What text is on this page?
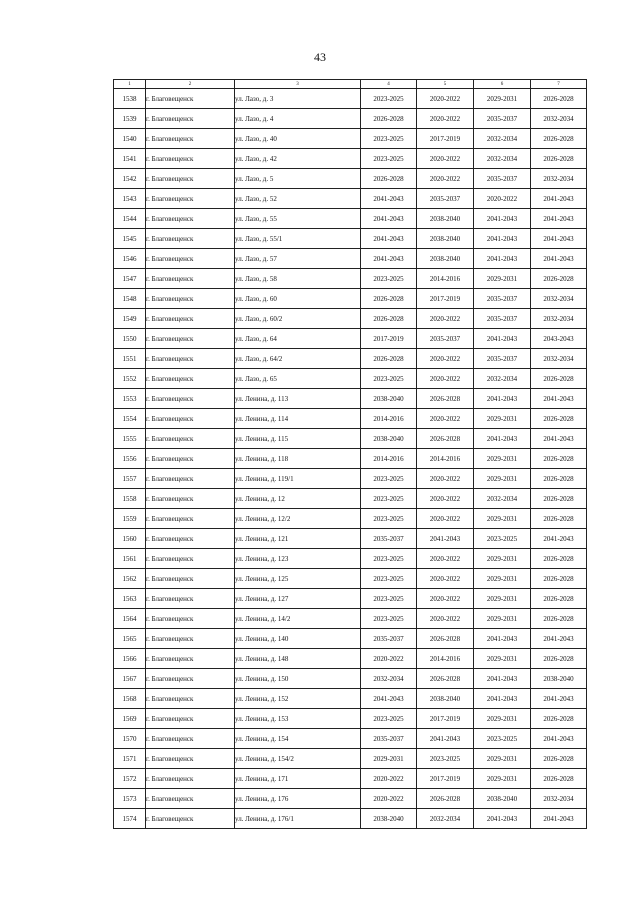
43
1	2	3	4	5	6	7
1538	г. Благовещенск	ул. Лазо, д. 3	2023-2025	2020-2022	2029-2031	2026-2028
1539	г. Благовещенск	ул. Лазо, д. 4	2026-2028	2020-2022	2035-2037	2032-2034
1540	г. Благовещенск	ул. Лазо, д. 40	2023-2025	2017-2019	2032-2034	2026-2028
1541	г. Благовещенск	ул. Лазо, д. 42	2023-2025	2020-2022	2032-2034	2026-2028
1542	г. Благовещенск	ул. Лазо, д. 5	2026-2028	2020-2022	2035-2037	2032-2034
1543	г. Благовещенск	ул. Лазо, д. 52	2041-2043	2035-2037	2020-2022	2041-2043
1544	г. Благовещенск	ул. Лазо, д. 55	2041-2043	2038-2040	2041-2043	2041-2043
1545	г. Благовещенск	ул. Лазо, д. 55/1	2041-2043	2038-2040	2041-2043	2041-2043
1546	г. Благовещенск	ул. Лазо, д. 57	2041-2043	2038-2040	2041-2043	2041-2043
1547	г. Благовещенск	ул. Лазо, д. 58	2023-2025	2014-2016	2029-2031	2026-2028
1548	г. Благовещенск	ул. Лазо, д. 60	2026-2028	2017-2019	2035-2037	2032-2034
1549	г. Благовещенск	ул. Лазо, д. 60/2	2026-2028	2020-2022	2035-2037	2032-2034
1550	г. Благовещенск	ул. Лазо, д. 64	2017-2019	2035-2037	2041-2043	2043-2043
1551	г. Благовещенск	ул. Лазо, д. 64/2	2026-2028	2020-2022	2035-2037	2032-2034
1552	г. Благовещенск	ул. Лазо, д. 65	2023-2025	2020-2022	2032-2034	2026-2028
1553	г. Благовещенск	ул. Ленина, д. 113	2038-2040	2026-2028	2041-2043	2041-2043
1554	г. Благовещенск	ул. Ленина, д. 114	2014-2016	2020-2022	2029-2031	2026-2028
1555	г. Благовещенск	ул. Ленина, д. 115	2038-2040	2026-2028	2041-2043	2041-2043
1556	г. Благовещенск	ул. Ленина, д. 118	2014-2016	2014-2016	2029-2031	2026-2028
1557	г. Благовещенск	ул. Ленина, д. 119/1	2023-2025	2020-2022	2029-2031	2026-2028
1558	г. Благовещенск	ул. Ленина, д. 12	2023-2025	2020-2022	2032-2034	2026-2028
1559	г. Благовещенск	ул. Ленина, д. 12/2	2023-2025	2020-2022	2029-2031	2026-2028
1560	г. Благовещенск	ул. Ленина, д. 121	2035-2037	2041-2043	2023-2025	2041-2043
1561	г. Благовещенск	ул. Ленина, д. 123	2023-2025	2020-2022	2029-2031	2026-2028
1562	г. Благовещенск	ул. Ленина, д. 125	2023-2025	2020-2022	2029-2031	2026-2028
1563	г. Благовещенск	ул. Ленина, д. 127	2023-2025	2020-2022	2029-2031	2026-2028
1564	г. Благовещенск	ул. Ленина, д. 14/2	2023-2025	2020-2022	2029-2031	2026-2028
1565	г. Благовещенск	ул. Ленина, д. 140	2035-2037	2026-2028	2041-2043	2041-2043
1566	г. Благовещенск	ул. Ленина, д. 148	2020-2022	2014-2016	2029-2031	2026-2028
1567	г. Благовещенск	ул. Ленина, д. 150	2032-2034	2026-2028	2041-2043	2038-2040
1568	г. Благовещенск	ул. Ленина, д. 152	2041-2043	2038-2040	2041-2043	2041-2043
1569	г. Благовещенск	ул. Ленина, д. 153	2023-2025	2017-2019	2029-2031	2026-2028
1570	г. Благовещенск	ул. Ленина, д. 154	2035-2037	2041-2043	2023-2025	2041-2043
1571	г. Благовещенск	ул. Ленина, д. 154/2	2029-2031	2023-2025	2029-2031	2026-2028
1572	г. Благовещенск	ул. Ленина, д. 171	2020-2022	2017-2019	2029-2031	2026-2028
1573	г. Благовещенск	ул. Ленина, д. 176	2020-2022	2026-2028	2038-2040	2032-2034
1574	г. Благовещенск	ул. Ленина, д. 176/1	2038-2040	2032-2034	2041-2043	2041-2043
